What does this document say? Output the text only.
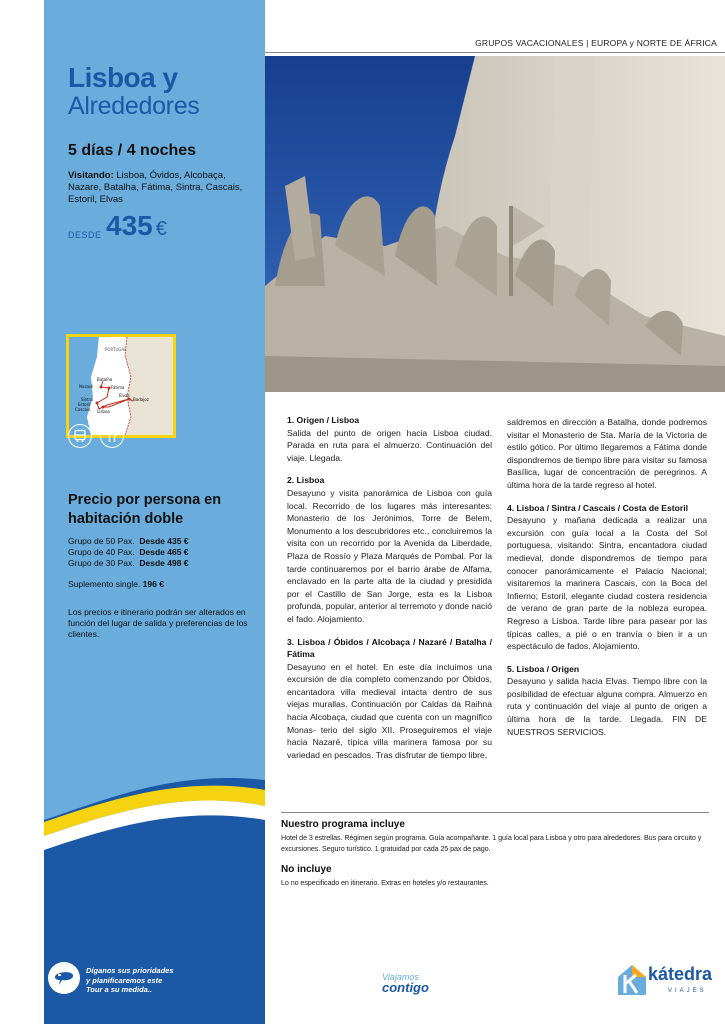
GRUPOS VACACIONALES | EUROPA y NORTE DE ÁFRICA
Lisboa y
Alrededores
5 días / 4 noches
Visitando: Lisboa, Óvidos, Alcobaça, Nazare, Batalha, Fátima, Sintra, Cascais, Estoril, Elvas
DESDE 435 €
PORTUGAL
Batalha
Nazaré	Fátima
Sintra
Estoril
Cascais Lisboa
Elvas
Badajoz
Precio por persona en habitación doble
Grupo de 50 Pax. Desde 435 €
Grupo de 40 Pax. Desde 465 €
Grupo de 30 Pax. Desde 498 €
Suplemento single. 196 €
Los precios e itinerario podrán ser alterados en función del lugar de salida y preferencias de los clientes.
Díganos sus prioridades
y planificaremos este
Tour a su medida..
1. Origen / Lisboa
Salida del punto de origen hacia Lisboa ciudad. Parada en ruta para el almuerzo. Continuación del viaje. Llegada.
2. Lisboa
Desayuno y visita panorámica de Lisboa con guía local. Recorrido de los lugares más interesantes: Monasterio de los Jerónimos, Torre de Belem, Monumento a los descubridores etc., concluiremos la visita con un recorrido por la Avenida da Liberdade, Plaza de Rossío y Plaza Marqués de Pombal. Por la tarde continuaremos por el barrio árabe de Alfama, enclavado en la parte alta de la ciudad y presidida por el Castillo de San Jorge, esta es la Lisboa profunda, popular, anterior al terremoto y donde nació el fado. Alojamiento.
3. Lisboa / Óbidos / Alcobaça / Nazaré / Batalha / Fátima
Desayuno en el hotel. En este día incluimos una excursión de día completo comenzando por Óbidos, encantadora villa medieval intacta dentro de sus viejas murallas. Continuación por Caldas da Raihna hacia Alcobaça, ciudad que cuenta con un magnífico Monas- terio del siglo XII. Proseguiremos el viaje hacia Nazaré, típica villa marinera famosa por su variedad en pescados. Tras disfrutar de tiempo libre,
saldremos en dirección a Batalha, donde podremos visitar el Monasterio de Sta. María de la Victoria de estilo gótico. Por último llegaremos a Fátima donde dispondremos de tiempo libre para visitar su famosa Basílica, lugar de concentración de peregrinos. A última hora de la tarde regreso al hotel.
4. Lisboa / Sintra / Cascais / Costa de Estoril
Desayuno y mañana dedicada a realizar una excursión con guía local a la Costa del Sol portuguesa, visitando: Sintra, encantadora ciudad medieval, donde dispondremos de tiempo para conocer panorámicamente el Palacio Nacional; visitaremos la marinera Cascais, con la Boca del Infierno; Estoril, elegante ciudad costera residencia de verano de gran parte de la nobleza europea. Regreso a Lisboa. Tarde libre para pasear por las típicas calles, a pié o en tranvía o bien ir a un espectáculo de fados. Alojamiento.
5. Lisboa / Origen
Desayuno y salida hacia Elvas. Tiempo libre con la posibilidad de efectuar alguna compra. Almuerzo en ruta y continuación del viaje al punto de origen a última hora de la tarde. Llegada. FIN DE NUESTROS SERVICIOS.
Nuestro programa incluye
Hotel de 3 estrellas. Régimen según programa. Guía acompañante. 1 guía local para Lisboa y otro para alrededores. Bus para circuito y excursiones. Seguro turístico. 1 gratuidad por cada 25 pax de pago.
No incluye
Lo no especificado en itinerario. Extras en hoteles y/o restaurantes.
Viajamos
contigo
kátedra
VIAJES
